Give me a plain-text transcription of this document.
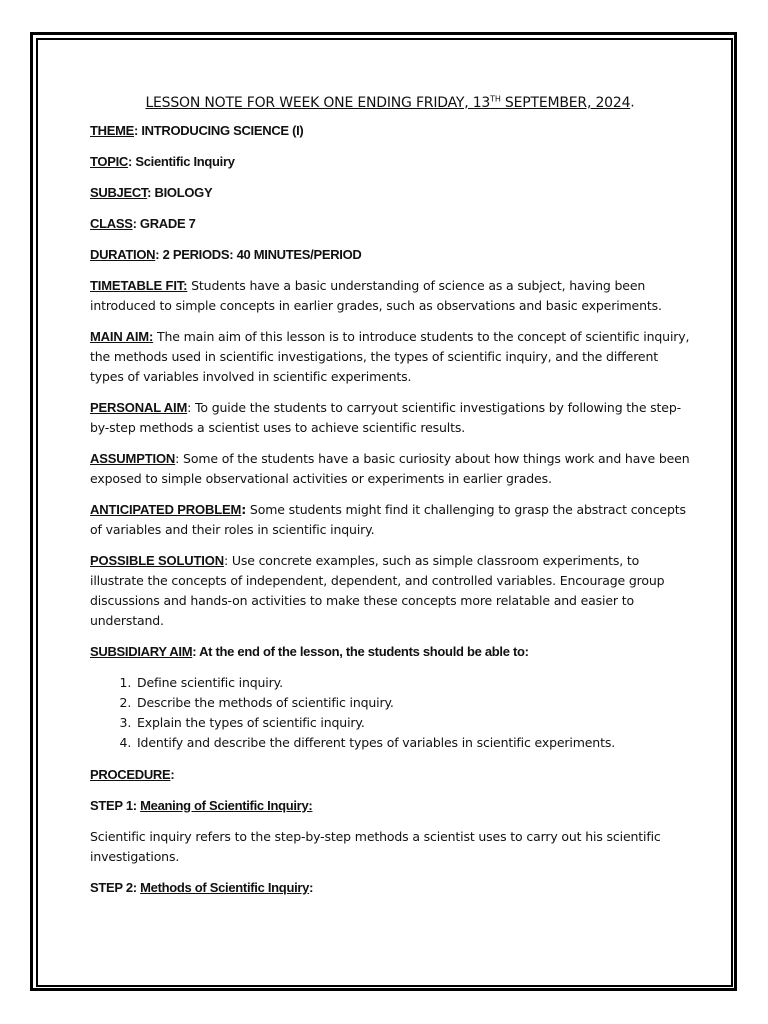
LESSON NOTE FOR WEEK ONE ENDING FRIDAY, 13TH SEPTEMBER, 2024.
THEME: INTRODUCING SCIENCE (I)
TOPIC: Scientific Inquiry
SUBJECT: BIOLOGY
CLASS: GRADE 7
DURATION: 2 PERIODS: 40 MINUTES/PERIOD
TIMETABLE FIT: Students have a basic understanding of science as a subject, having been introduced to simple concepts in earlier grades, such as observations and basic experiments.
MAIN AIM: The main aim of this lesson is to introduce students to the concept of scientific inquiry, the methods used in scientific investigations, the types of scientific inquiry, and the different types of variables involved in scientific experiments.
PERSONAL AIM: To guide the students to carryout scientific investigations by following the step-by-step methods a scientist uses to achieve scientific results.
ASSUMPTION: Some of the students have a basic curiosity about how things work and have been exposed to simple observational activities or experiments in earlier grades.
ANTICIPATED PROBLEM: Some students might find it challenging to grasp the abstract concepts of variables and their roles in scientific inquiry.
POSSIBLE SOLUTION: Use concrete examples, such as simple classroom experiments, to illustrate the concepts of independent, dependent, and controlled variables. Encourage group discussions and hands-on activities to make these concepts more relatable and easier to understand.
SUBSIDIARY AIM: At the end of the lesson, the students should be able to:
1. Define scientific inquiry.
2. Describe the methods of scientific inquiry.
3. Explain the types of scientific inquiry.
4. Identify and describe the different types of variables in scientific experiments.
PROCEDURE:
STEP 1: Meaning of Scientific Inquiry:
Scientific inquiry refers to the step-by-step methods a scientist uses to carry out his scientific investigations.
STEP 2: Methods of Scientific Inquiry:
